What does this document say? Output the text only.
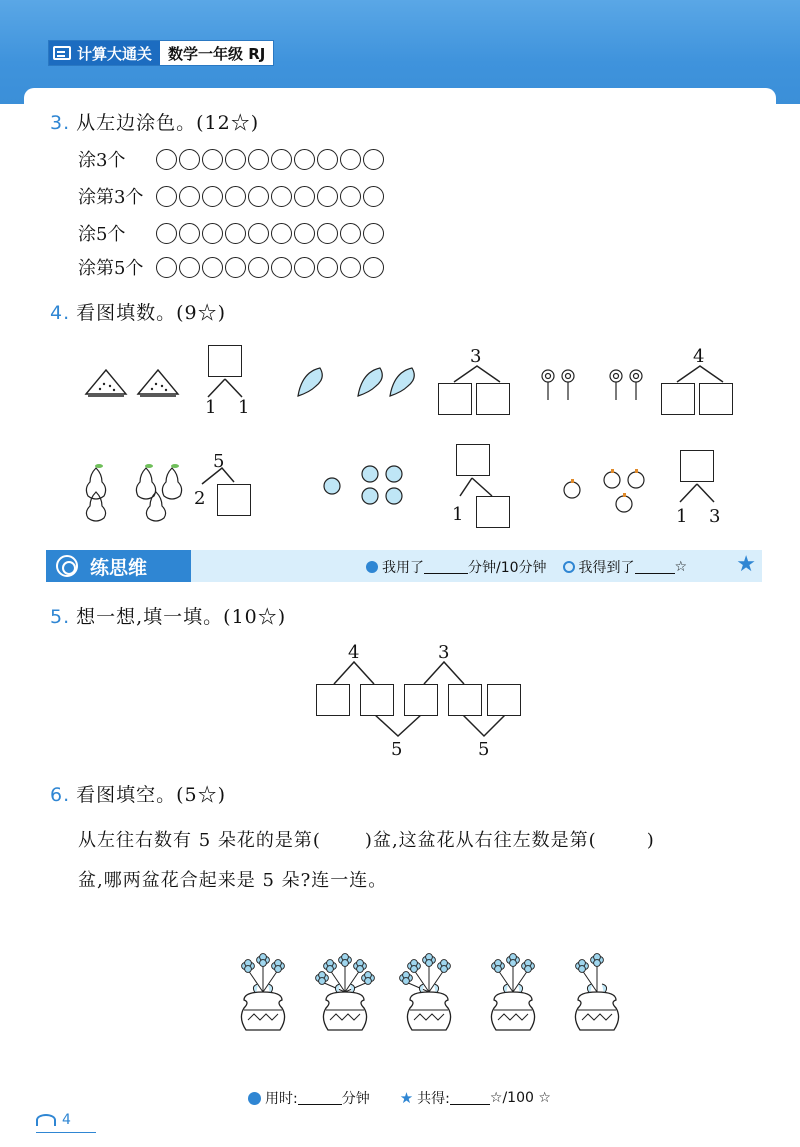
计算大通关	数学一年级 RJ
3. 从左边涂色。(12☆)
涂3个
涂第3个
涂5个
涂第5个
4. 看图填数。(9☆)
1 1
3	4
5
2
1	1 3
练思维	我用了	分钟/10分钟 我得到了	☆ ★
5. 想一想,填一填。(10☆)
4	3
5	5
6. 看图填空。(5☆)
从左往右数有 5 朵花的是第( )盆,这盆花从右往左数是第(	)
盆,哪两盆花合起来是 5 朵?连一连。
用时:	分钟 ★ 共得:	☆/100 ☆
4
